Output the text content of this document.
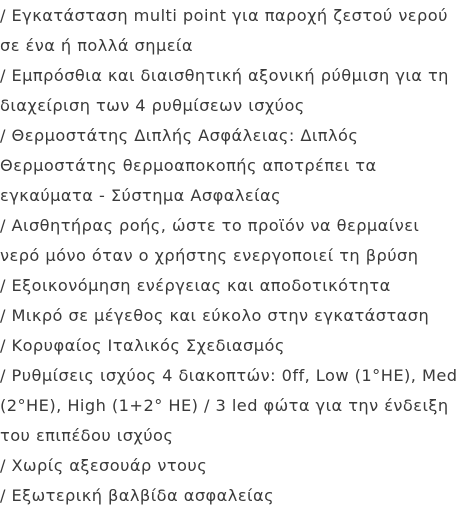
/ Εγκατάσταση multi point για παροχή ζεστού νερού
σε ένα ή πολλά σημεία
/ Εμπρόσθια και διαισθητική αξονική ρύθμιση για τη
διαχείριση των 4 ρυθμίσεων ισχύος
/ Θερμοστάτης Διπλής Ασφάλειας: Διπλός
Θερμοστάτης θερμοαποκοπής αποτρέπει τα
εγκαύματα - Σύστημα Ασφαλείας
/ Αισθητήρας ροής, ώστε το προϊόν να θερμαίνει
νερό μόνο όταν ο χρήστης ενεργοποιεί τη βρύση
/ Εξοικονόμηση ενέργειας και αποδοτικότητα
/ Μικρό σε μέγεθος και εύκολο στην εγκατάσταση
/ Κορυφαίος Ιταλικός Σχεδιασμός
/ Ρυθμίσεις ισχύος 4 διακοπτών: 0ff, Low (1°HE), Med
(2°HE), High (1+2° HE) / 3 led φώτα για την ένδειξη
του επιπέδου ισχύος
/ Χωρίς αξεσουάρ ντους
/ Εξωτερική βαλβίδα ασφαλείας
